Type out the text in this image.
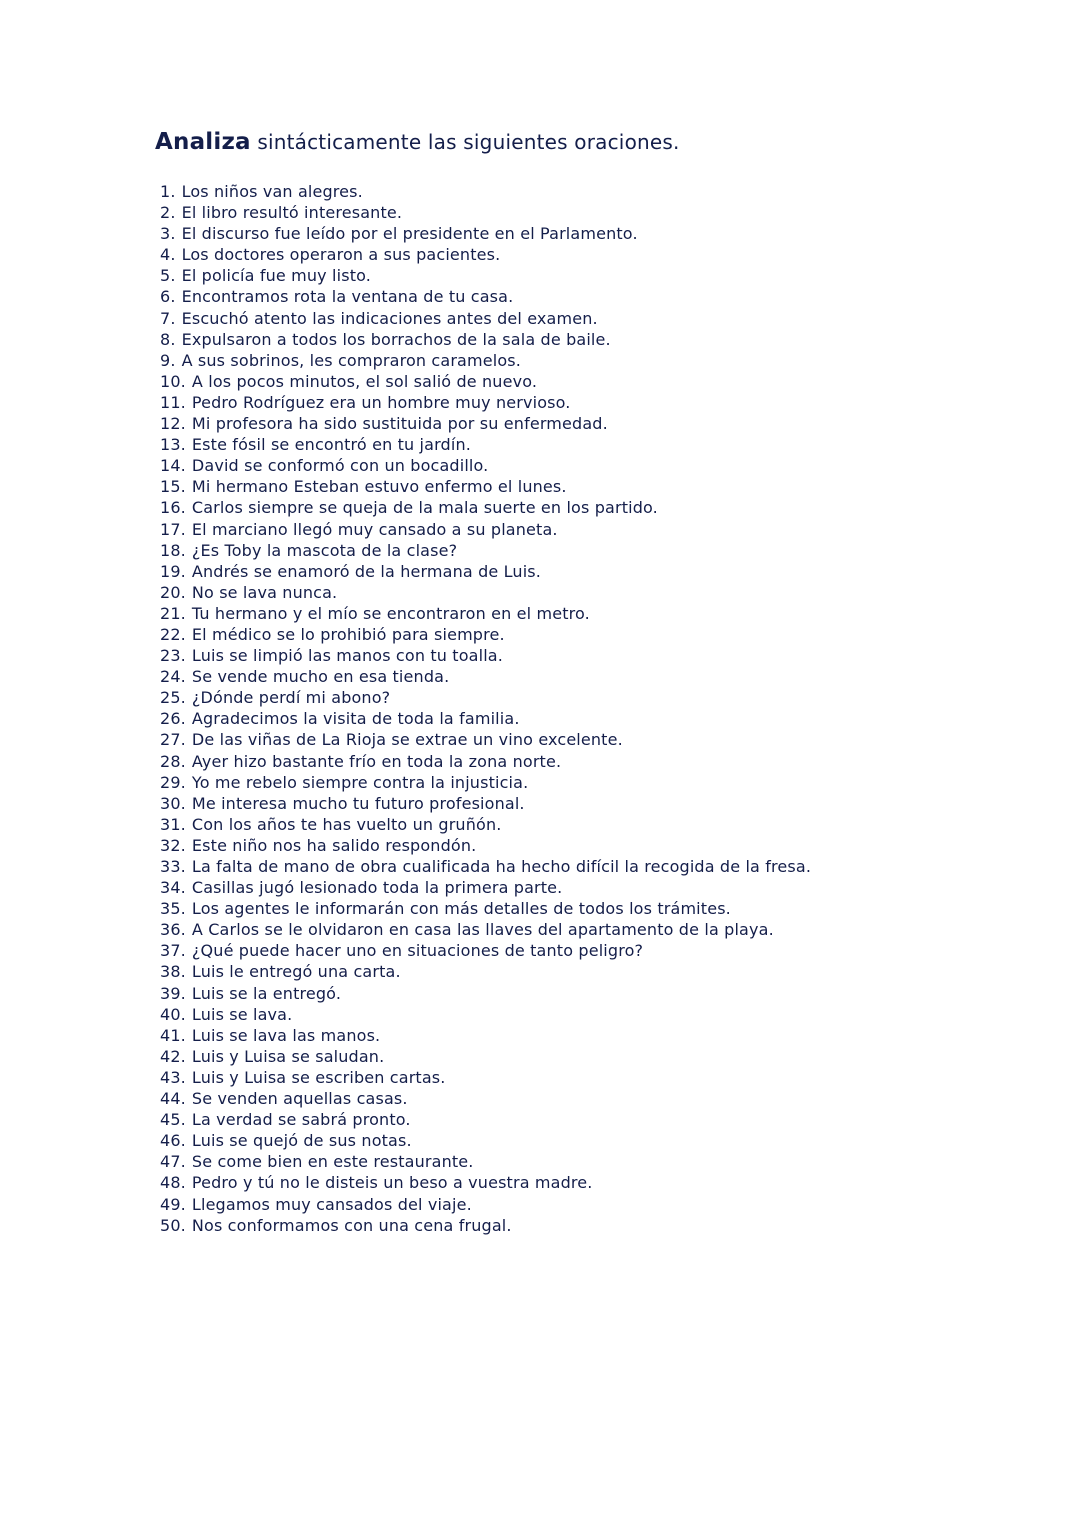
Analiza sintácticamente las siguientes oraciones.
1. Los niños van alegres.
2. El libro resultó interesante.
3. El discurso fue leído por el presidente en el Parlamento.
4. Los doctores operaron a sus pacientes.
5. El policía fue muy listo.
6. Encontramos rota la ventana de tu casa.
7. Escuchó atento las indicaciones antes del examen.
8. Expulsaron a todos los borrachos de la sala de baile.
9. A sus sobrinos, les compraron caramelos.
10. A los pocos minutos, el sol salió de nuevo.
11. Pedro Rodríguez era un hombre muy nervioso.
12. Mi profesora ha sido sustituida por su enfermedad.
13. Este fósil se encontró en tu jardín.
14. David se conformó con un bocadillo.
15. Mi hermano Esteban estuvo enfermo el lunes.
16. Carlos siempre se queja de la mala suerte en los partido.
17. El marciano llegó muy cansado a su planeta.
18. ¿Es Toby la mascota de la clase?
19. Andrés se enamoró de la hermana de Luis.
20. No se lava nunca.
21. Tu hermano y el mío se encontraron en el metro.
22. El médico se lo prohibió para siempre.
23. Luis se limpió las manos con tu toalla.
24. Se vende mucho en esa tienda.
25. ¿Dónde perdí mi abono?
26. Agradecimos la visita de toda la familia.
27. De las viñas de La Rioja se extrae un vino excelente.
28. Ayer hizo bastante frío en toda la zona norte.
29. Yo me rebelo siempre contra la injusticia.
30. Me interesa mucho tu futuro profesional.
31. Con los años te has vuelto un gruñón.
32. Este niño nos ha salido respondón.
33. La falta de mano de obra cualificada ha hecho difícil la recogida de la fresa.
34. Casillas jugó lesionado toda la primera parte.
35. Los agentes le informarán con más detalles de todos los trámites.
36. A Carlos se le olvidaron en casa las llaves del apartamento de la playa.
37. ¿Qué puede hacer uno en situaciones de tanto peligro?
38. Luis le entregó una carta.
39. Luis se la entregó.
40. Luis se lava.
41. Luis se lava las manos.
42. Luis y Luisa se saludan.
43. Luis y Luisa se escriben cartas.
44. Se venden aquellas casas.
45. La verdad se sabrá pronto.
46. Luis se quejó de sus notas.
47. Se come bien en este restaurante.
48. Pedro y tú no le disteis un beso a vuestra madre.
49. Llegamos muy cansados del viaje.
50. Nos conformamos con una cena frugal.
